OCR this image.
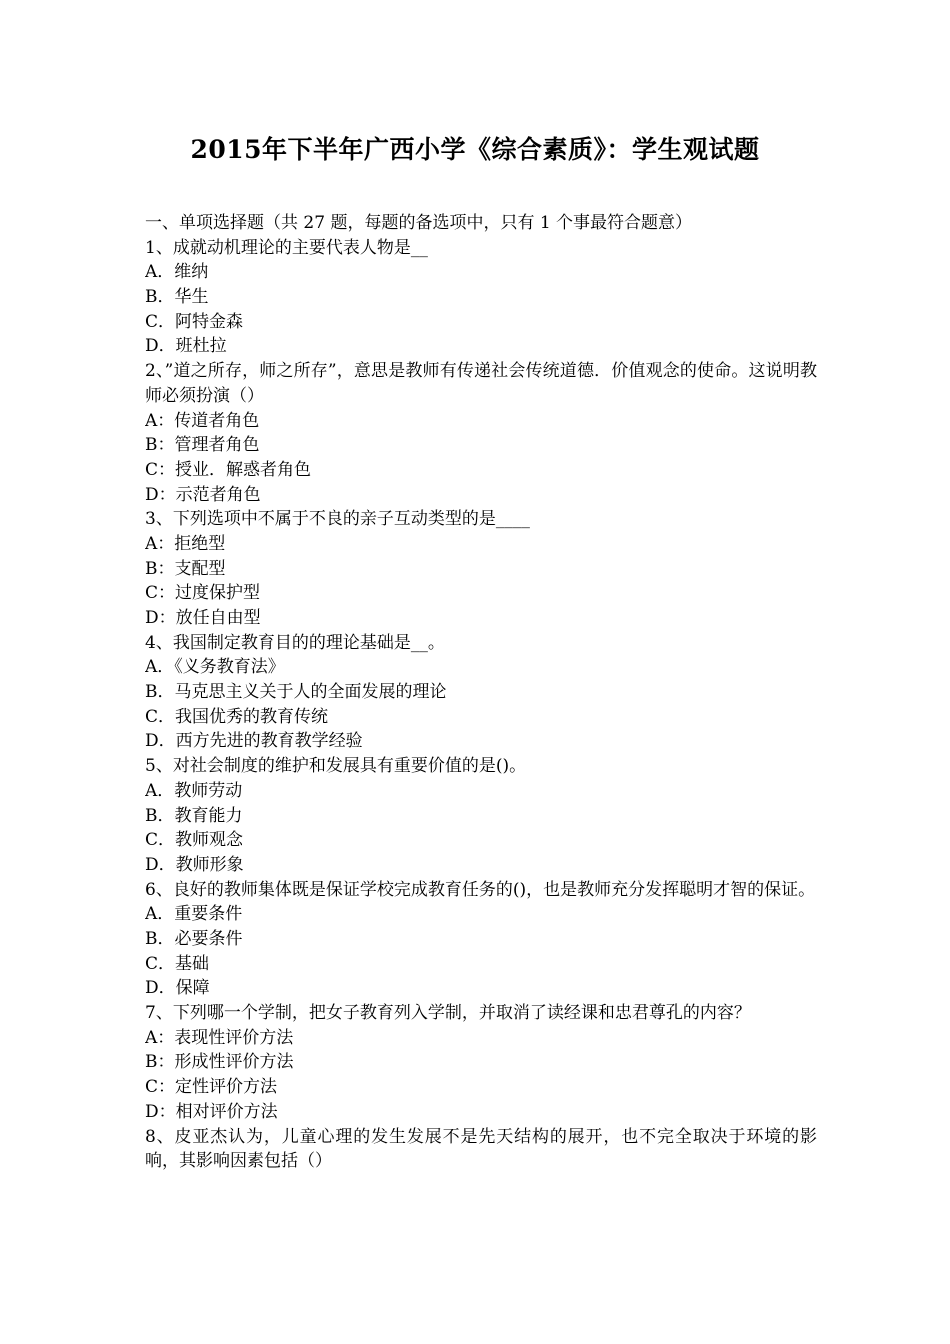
2015年下半年广西小学《综合素质》：学生观试题
一、单项选择题（共 27 题，每题的备选项中，只有 1 个事最符合题意）
1、成就动机理论的主要代表人物是__
A．维纳
B．华生
C．阿特金森
D．班杜拉
2、”道之所存，师之所存”，意思是教师有传递社会传统道德．价值观念的使命。这说明教师必须扮演（）
A：传道者角色
B：管理者角色
C：授业．解惑者角色
D：示范者角色
3、下列选项中不属于不良的亲子互动类型的是____
A：拒绝型
B：支配型
C：过度保护型
D：放任自由型
4、我国制定教育目的的理论基础是__。
A．《义务教育法》
B．马克思主义关于人的全面发展的理论
C．我国优秀的教育传统
D．西方先进的教育教学经验
5、对社会制度的维护和发展具有重要价值的是()。
A．教师劳动
B．教育能力
C．教师观念
D．教师形象
6、良好的教师集体既是保证学校完成教育任务的()，也是教师充分发挥聪明才智的保证。
A．重要条件
B．必要条件
C．基础
D．保障
7、下列哪一个学制，把女子教育列入学制，并取消了读经课和忠君尊孔的内容？
A：表现性评价方法
B：形成性评价方法
C：定性评价方法
D：相对评价方法
8、皮亚杰认为，儿童心理的发生发展不是先天结构的展开，也不完全取决于环境的影响，其影响因素包括（）
